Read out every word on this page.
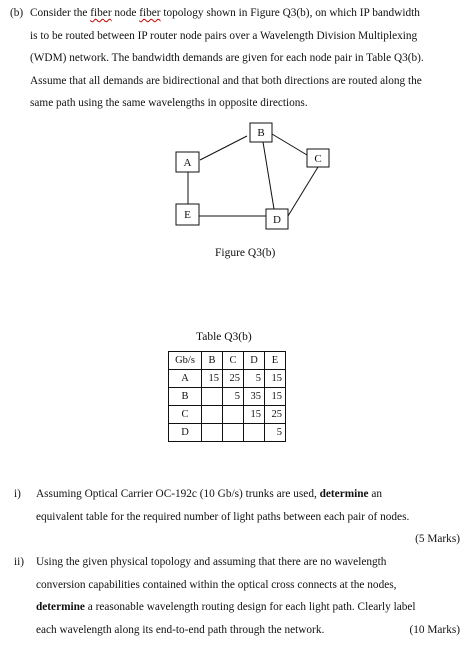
(b) Consider the fiber node fiber topology shown in Figure Q3(b), on which IP bandwidth
is to be routed between IP router node pairs over a Wavelength Division Multiplexing
(WDM) network. The bandwidth demands are given for each node pair in Table Q3(b).
Assume that all demands are bidirectional and that both directions are routed along the
same path using the same wavelengths in opposite directions.
B
C
A
E	D
Figure Q3(b)
Table Q3(b)
Gb/s	B	C	D	E
A	15	25	5	15
B		5	35	15
C			15	25
D				5
i)	Assuming Optical Carrier OC-192c (10 Gb/s) trunks are used, determine an
equivalent table for the required number of light paths between each pair of nodes.
(5 Marks)
ii)	Using the given physical topology and assuming that there are no wavelength
conversion capabilities contained within the optical cross connects at the nodes,
determine a reasonable wavelength routing design for each light path. Clearly label
each wavelength along its end-to-end path through the network.	(10 Marks)
